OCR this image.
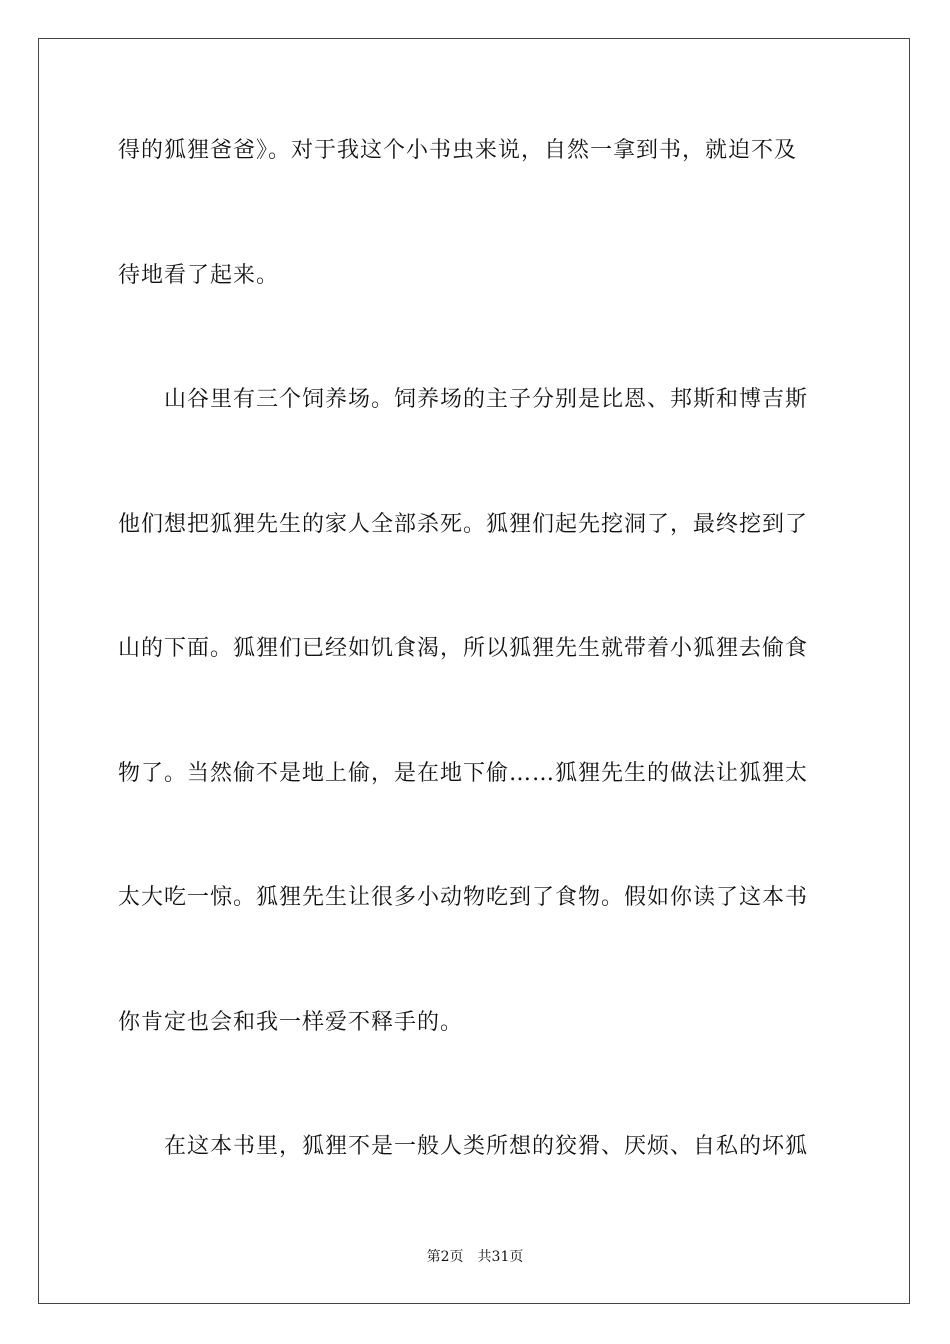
得的狐狸爸爸》。对于我这个小书虫来说，自然一拿到书，就迫不及
待地看了起来。
　　山谷里有三个饲养场。饲养场的主子分别是比恩、邦斯和博吉斯
他们想把狐狸先生的家人全部杀死。狐狸们起先挖洞了，最终挖到了
山的下面。狐狸们已经如饥食渴，所以狐狸先生就带着小狐狸去偷食
物了。当然偷不是地上偷，是在地下偷……狐狸先生的做法让狐狸太
太大吃一惊。狐狸先生让很多小动物吃到了食物。假如你读了这本书
你肯定也会和我一样爱不释手的。
　　在这本书里，狐狸不是一般人类所想的狡猾、厌烦、自私的坏狐
第2页 共31页
